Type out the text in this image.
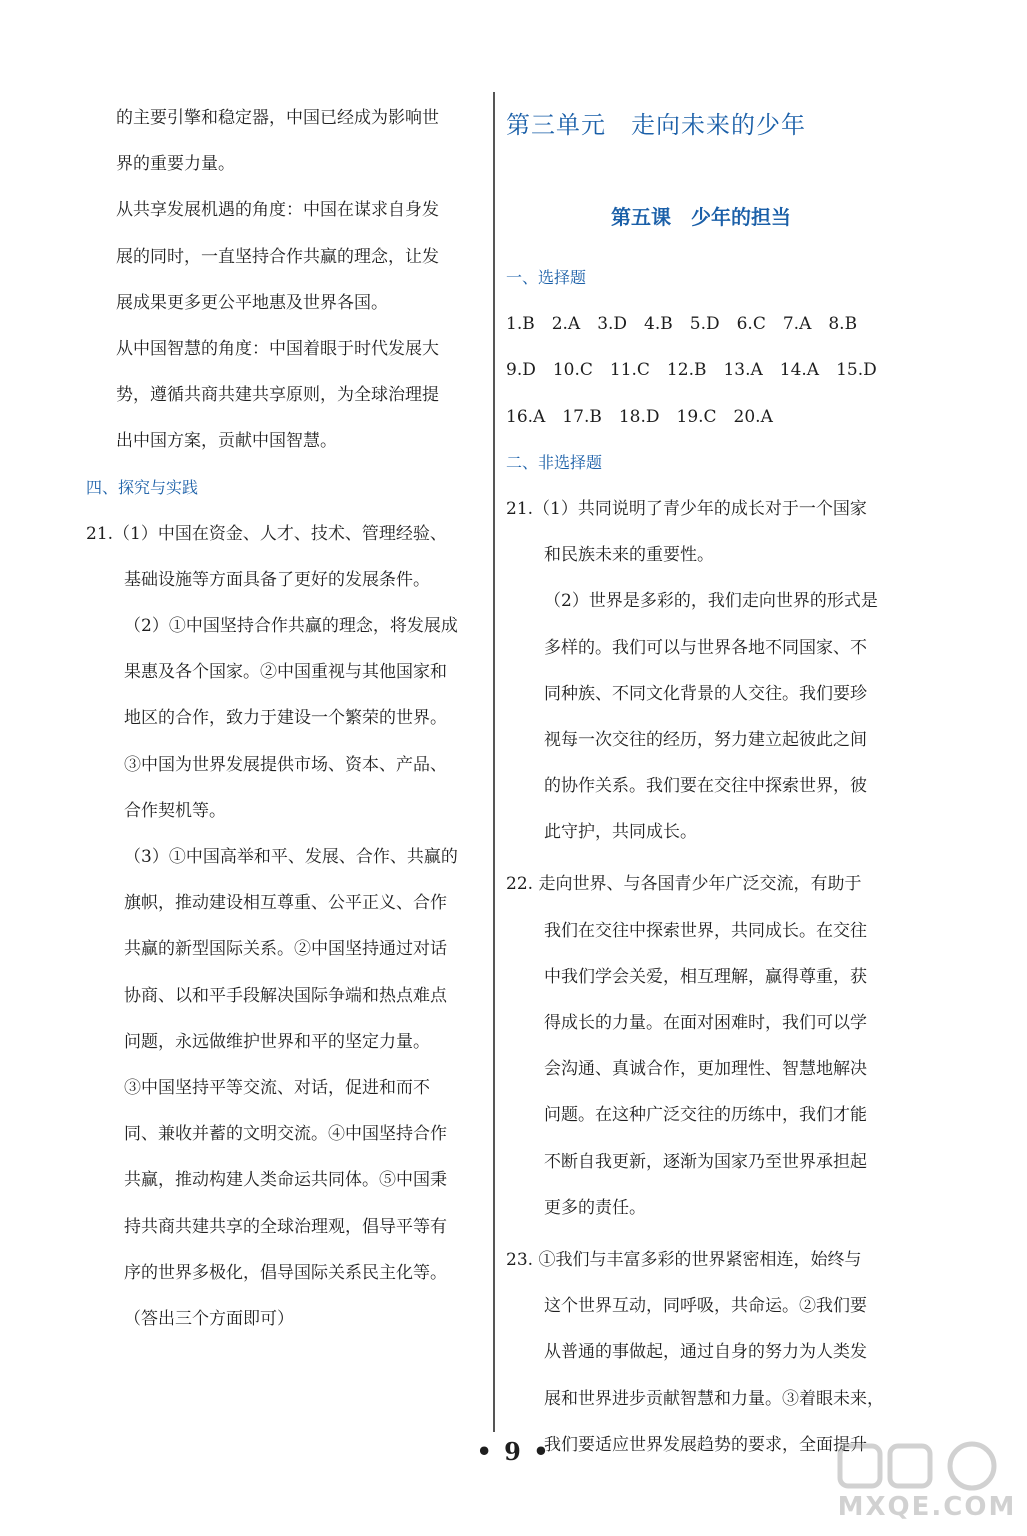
的主要引擎和稳定器，中国已经成为影响世
界的重要力量。
从共享发展机遇的角度：中国在谋求自身发
展的同时，一直坚持合作共赢的理念，让发
展成果更多更公平地惠及世界各国。
从中国智慧的角度：中国着眼于时代发展大
势，遵循共商共建共享原则，为全球治理提
出中国方案，贡献中国智慧。
四、探究与实践
21.（1）中国在资金、人才、技术、管理经验、
基础设施等方面具备了更好的发展条件。
（2）①中国坚持合作共赢的理念，将发展成
果惠及各个国家。②中国重视与其他国家和
地区的合作，致力于建设一个繁荣的世界。
③中国为世界发展提供市场、资本、产品、
合作契机等。
（3）①中国高举和平、发展、合作、共赢的
旗帜，推动建设相互尊重、公平正义、合作
共赢的新型国际关系。②中国坚持通过对话
协商、以和平手段解决国际争端和热点难点
问题，永远做维护世界和平的坚定力量。
③中国坚持平等交流、对话，促进和而不
同、兼收并蓄的文明交流。④中国坚持合作
共赢，推动构建人类命运共同体。⑤中国秉
持共商共建共享的全球治理观，倡导平等有
序的世界多极化，倡导国际关系民主化等。
（答出三个方面即可）
第三单元　走向未来的少年
第五课　少年的担当
一、选择题
1.B　2.A　3.D　4.B　5.D　6.C　7.A　8.B
9.D　10.C　11.C　12.B　13.A　14.A　15.D
16.A　17.B　18.D　19.C　20.A
二、非选择题
21.（1）共同说明了青少年的成长对于一个国家
和民族未来的重要性。
（2）世界是多彩的，我们走向世界的形式是
多样的。我们可以与世界各地不同国家、不
同种族、不同文化背景的人交往。我们要珍
视每一次交往的经历，努力建立起彼此之间
的协作关系。我们要在交往中探索世界，彼
此守护，共同成长。
22. 走向世界、与各国青少年广泛交流，有助于
我们在交往中探索世界，共同成长。在交往
中我们学会关爱，相互理解，赢得尊重，获
得成长的力量。在面对困难时，我们可以学
会沟通、真诚合作，更加理性、智慧地解决
问题。在这种广泛交往的历练中，我们才能
不断自我更新，逐渐为国家乃至世界承担起
更多的责任。
23. ①我们与丰富多彩的世界紧密相连，始终与
这个世界互动，同呼吸，共命运。②我们要
从普通的事做起，通过自身的努力为人类发
展和世界进步贡献智慧和力量。③着眼未来，
我们要适应世界发展趋势的要求，全面提升
• 9 •
MXQE.COM
